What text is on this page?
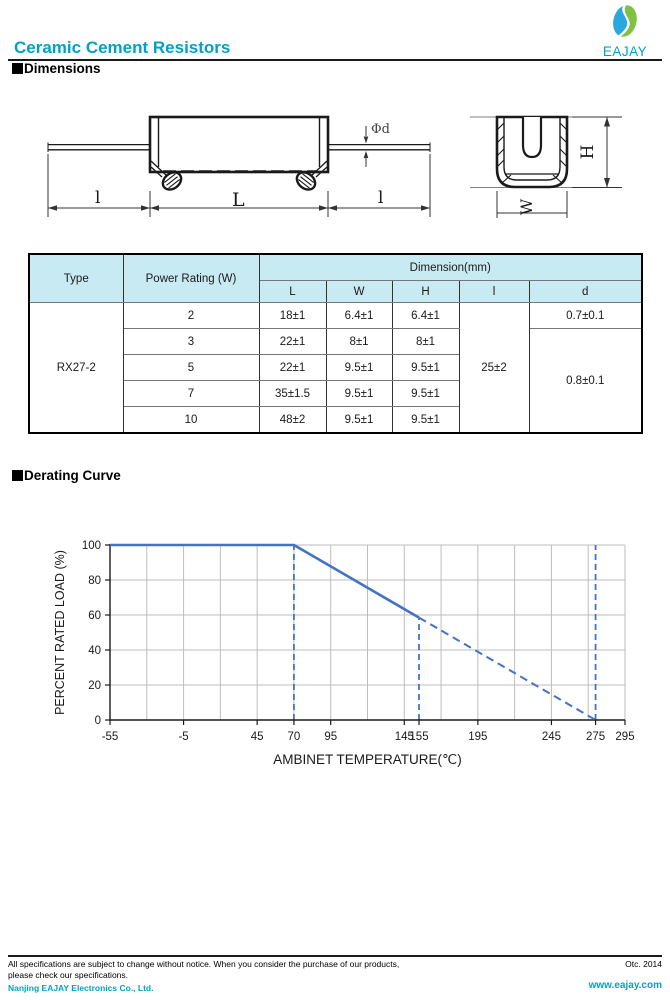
Ceramic Cement Resistors	EAJAY
Dimensions
l	L	l
Φd
H
W
Type	Power Rating (W)	Dimension(mm)				
		L	W	H	l	d
RX27-2	2	18±1	6.4±1	6.4±1	25±2	0.7±0.1
	3	22±1	8±1	8±1		0.8±0.1
	5	22±1	9.5±1	9.5±1		
	7	35±1.5	9.5±1	9.5±1		
	10	48±2	9.5±1	9.5±1		
Derating Curve
0
20
40
60
80
100
-55	-5	45 70 95	145
155	195	245 275 295
AMBINET TEMPERATURE(℃)
PERCENT RATED LOAD (%)
All specifications are subject to change without notice. When you consider the purchase of our products,
please check our specifications.
Nanjing EAJAY Electronics Co., Ltd.
Otc. 2014
www.eajay.com
